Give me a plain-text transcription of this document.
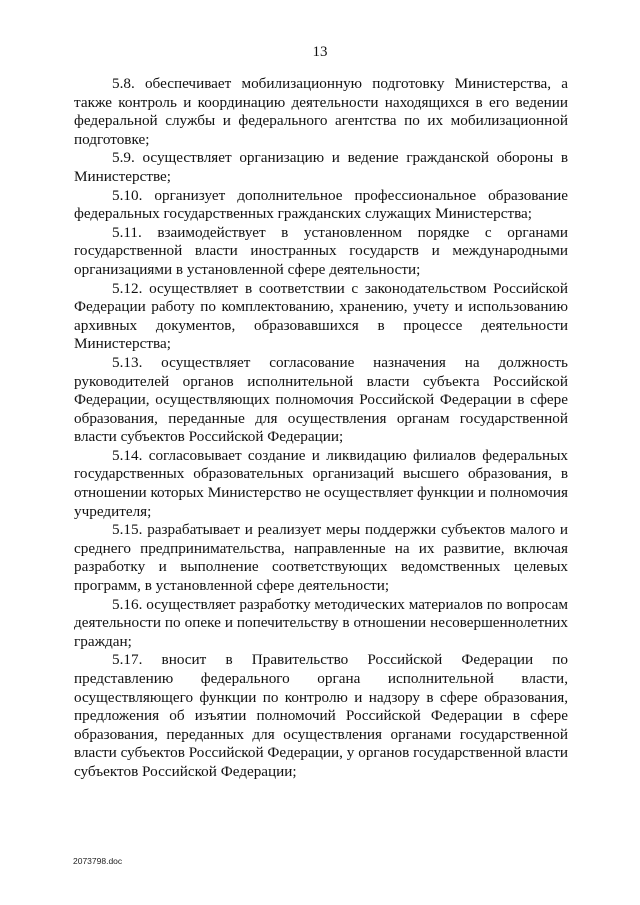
13

5.8. обеспечивает мобилизационную подготовку Министерства, а также контроль и координацию деятельности находящихся в его ведении федеральной службы и федерального агентства по их мобилизационной подготовке;

5.9. осуществляет организацию и ведение гражданской обороны в Министерстве;

5.10. организует дополнительное профессиональное образование федеральных государственных гражданских служащих Министерства;

5.11. взаимодействует в установленном порядке с органами государственной власти иностранных государств и международными организациями в установленной сфере деятельности;

5.12. осуществляет в соответствии с законодательством Российской Федерации работу по комплектованию, хранению, учету и использованию архивных документов, образовавшихся в процессе деятельности Министерства;

5.13. осуществляет согласование назначения на должность руководителей органов исполнительной власти субъекта Российской Федерации, осуществляющих полномочия Российской Федерации в сфере образования, переданные для осуществления органам государственной власти субъектов Российской Федерации;

5.14. согласовывает создание и ликвидацию филиалов федеральных государственных образовательных организаций высшего образования, в отношении которых Министерство не осуществляет функции и полномочия учредителя;

5.15. разрабатывает и реализует меры поддержки субъектов малого и среднего предпринимательства, направленные на их развитие, включая разработку и выполнение соответствующих ведомственных целевых программ, в установленной сфере деятельности;

5.16. осуществляет разработку методических материалов по вопросам деятельности по опеке и попечительству в отношении несовершеннолетних граждан;

5.17. вносит в Правительство Российской Федерации по представлению федерального органа исполнительной власти, осуществляющего функции по контролю и надзору в сфере образования, предложения об изъятии полномочий Российской Федерации в сфере образования, переданных для осуществления органами государственной власти субъектов Российской Федерации, у органов государственной власти субъектов Российской Федерации;

2073798.doc
